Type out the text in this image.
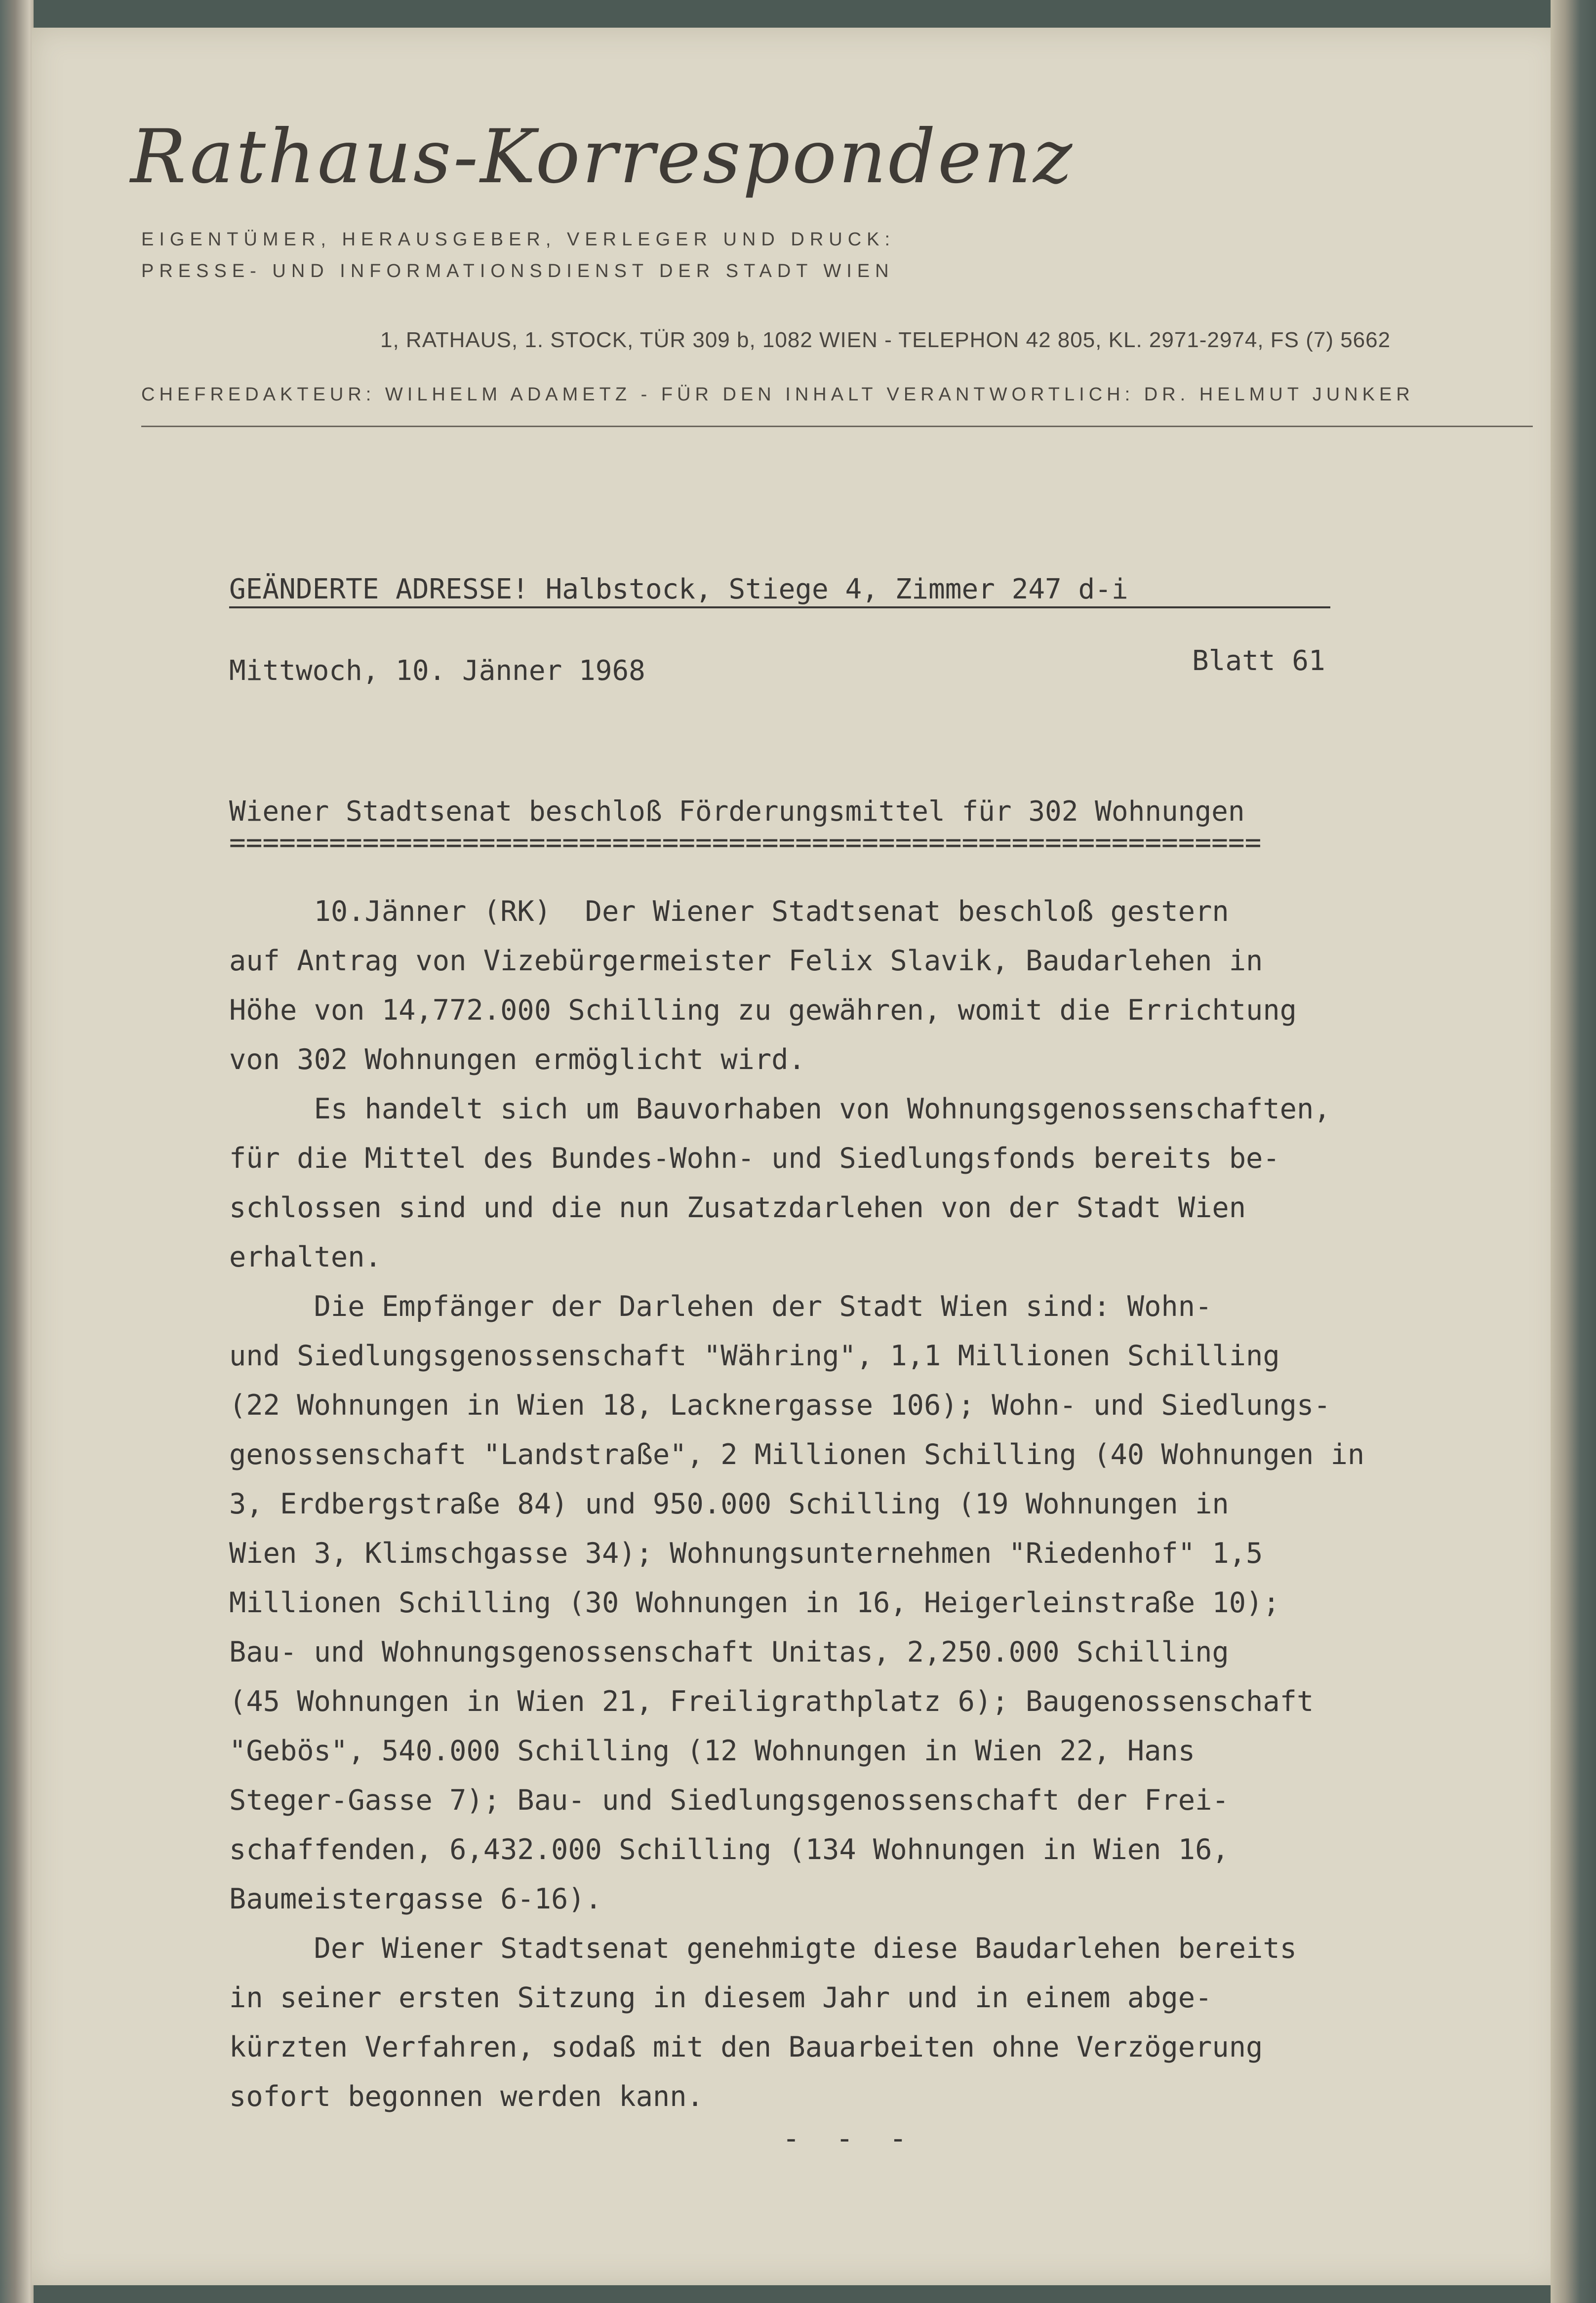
Rathaus-Korrespondenz

EIGENTÜMER, HERAUSGEBER, VERLEGER UND DRUCK:

PRESSE- UND INFORMATIONSDIENST DER STADT WIEN

1, RATHAUS, 1. STOCK, TÜR 309 b, 1082 WIEN - TELEPHON 42 805, KL. 2971-2974, FS (7) 5662

CHEFREDAKTEUR: WILHELM ADAMETZ - FÜR DEN INHALT VERANTWORTLICH: DR. HELMUT JUNKER

GEÄNDERTE ADRESSE! Halbstock, Stiege 4, Zimmer 247 d-i

Mittwoch, 10. Jänner 1968	Blatt 61

Wiener Stadtsenat beschloß Förderungsmittel für 302 Wohnungen

==============================================================

10.Jänner (RK)  Der Wiener Stadtsenat beschloß gestern
auf Antrag von Vizebürgermeister Felix Slavik, Baudarlehen in
Höhe von 14,772.000 Schilling zu gewähren, womit die Errichtung
von 302 Wohnungen ermöglicht wird.
Es handelt sich um Bauvorhaben von Wohnungsgenossenschaften,
für die Mittel des Bundes-Wohn- und Siedlungsfonds bereits be-
schlossen sind und die nun Zusatzdarlehen von der Stadt Wien
erhalten.
Die Empfänger der Darlehen der Stadt Wien sind: Wohn-
und Siedlungsgenossenschaft "Währing", 1,1 Millionen Schilling
(22 Wohnungen in Wien 18, Lacknergasse 106); Wohn- und Siedlungs-
genossenschaft "Landstraße", 2 Millionen Schilling (40 Wohnungen in
3, Erdbergstraße 84) und 950.000 Schilling (19 Wohnungen in
Wien 3, Klimschgasse 34); Wohnungsunternehmen "Riedenhof" 1,5
Millionen Schilling (30 Wohnungen in 16, Heigerleinstraße 10);
Bau- und Wohnungsgenossenschaft Unitas, 2,250.000 Schilling
(45 Wohnungen in Wien 21, Freiligrathplatz 6); Baugenossenschaft
"Gebös", 540.000 Schilling (12 Wohnungen in Wien 22, Hans
Steger-Gasse 7); Bau- und Siedlungsgenossenschaft der Frei-
schaffenden, 6,432.000 Schilling (134 Wohnungen in Wien 16,
Baumeistergasse 6-16).
Der Wiener Stadtsenat genehmigte diese Baudarlehen bereits
in seiner ersten Sitzung in diesem Jahr und in einem abge-
kürzten Verfahren, sodaß mit den Bauarbeiten ohne Verzögerung
sofort begonnen werden kann.

- - -
